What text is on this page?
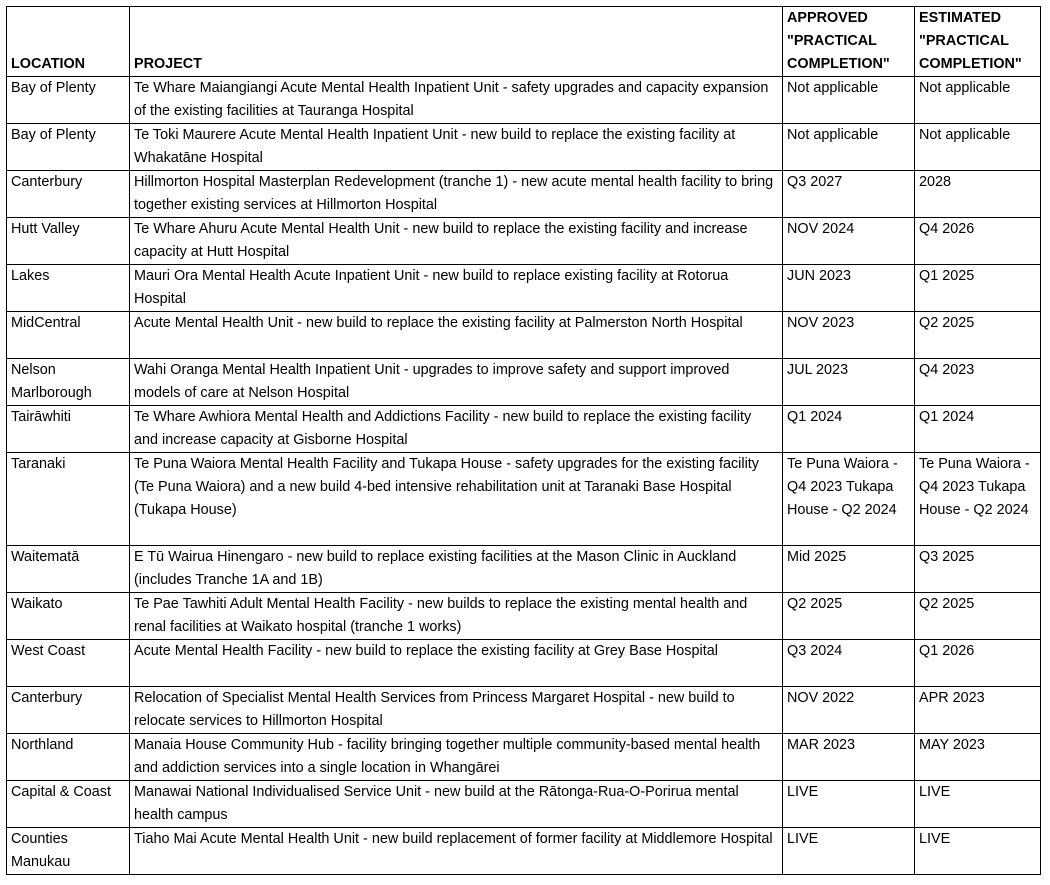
LOCATION	PROJECT	APPROVED "PRACTICAL COMPLETION"	ESTIMATED "PRACTICAL COMPLETION"
Bay of Plenty	Te Whare Maiangiangi Acute Mental Health Inpatient Unit - safety upgrades and capacity expansion of the existing facilities at Tauranga Hospital	Not applicable	Not applicable
Bay of Plenty	Te Toki Maurere Acute Mental Health Inpatient Unit - new build to replace the existing facility at Whakatāne Hospital	Not applicable	Not applicable
Canterbury	Hillmorton Hospital Masterplan Redevelopment (tranche 1) - new acute mental health facility to bring together existing services at Hillmorton Hospital	Q3 2027	2028
Hutt Valley	Te Whare Ahuru Acute Mental Health Unit - new build to replace the existing facility and increase capacity at Hutt Hospital	NOV 2024	Q4 2026
Lakes	Mauri Ora Mental Health Acute Inpatient Unit - new build to replace existing facility at Rotorua Hospital	JUN 2023	Q1 2025
MidCentral	Acute Mental Health Unit - new build to replace the existing facility at Palmerston North Hospital	NOV 2023	Q2 2025
Nelson Marlborough	Wahi Oranga Mental Health Inpatient Unit - upgrades to improve safety and support improved models of care at Nelson Hospital	JUL 2023	Q4 2023
Tairāwhiti	Te Whare Awhiora Mental Health and Addictions Facility - new build to replace the existing facility and increase capacity at Gisborne Hospital	Q1 2024	Q1 2024
Taranaki	Te Puna Waiora Mental Health Facility and Tukapa House - safety upgrades for the existing facility (Te Puna Waiora) and a new build 4-bed intensive rehabilitation unit at Taranaki Base Hospital (Tukapa House)	Te Puna Waiora - Q4 2023 Tukapa House - Q2 2024	Te Puna Waiora - Q4 2023 Tukapa House - Q2 2024
Waitematā	E Tū Wairua Hinengaro - new build to replace existing facilities at the Mason Clinic in Auckland (includes Tranche 1A and 1B)	Mid 2025	Q3 2025
Waikato	Te Pae Tawhiti Adult Mental Health Facility - new builds to replace the existing mental health and renal facilities at Waikato hospital (tranche 1 works)	Q2 2025	Q2 2025
West Coast	Acute Mental Health Facility - new build to replace the existing facility at Grey Base Hospital	Q3 2024	Q1 2026
Canterbury	Relocation of Specialist Mental Health Services from Princess Margaret Hospital - new build to relocate services to Hillmorton Hospital	NOV 2022	APR 2023
Northland	Manaia House Community Hub - facility bringing together multiple community-based mental health and addiction services into a single location in Whangārei	MAR 2023	MAY 2023
Capital & Coast	Manawai National Individualised Service Unit - new build at the Rātonga-Rua-O-Porirua mental health campus	LIVE	LIVE
Counties Manukau	Tiaho Mai Acute Mental Health Unit - new build replacement of former facility at Middlemore Hospital	LIVE	LIVE
